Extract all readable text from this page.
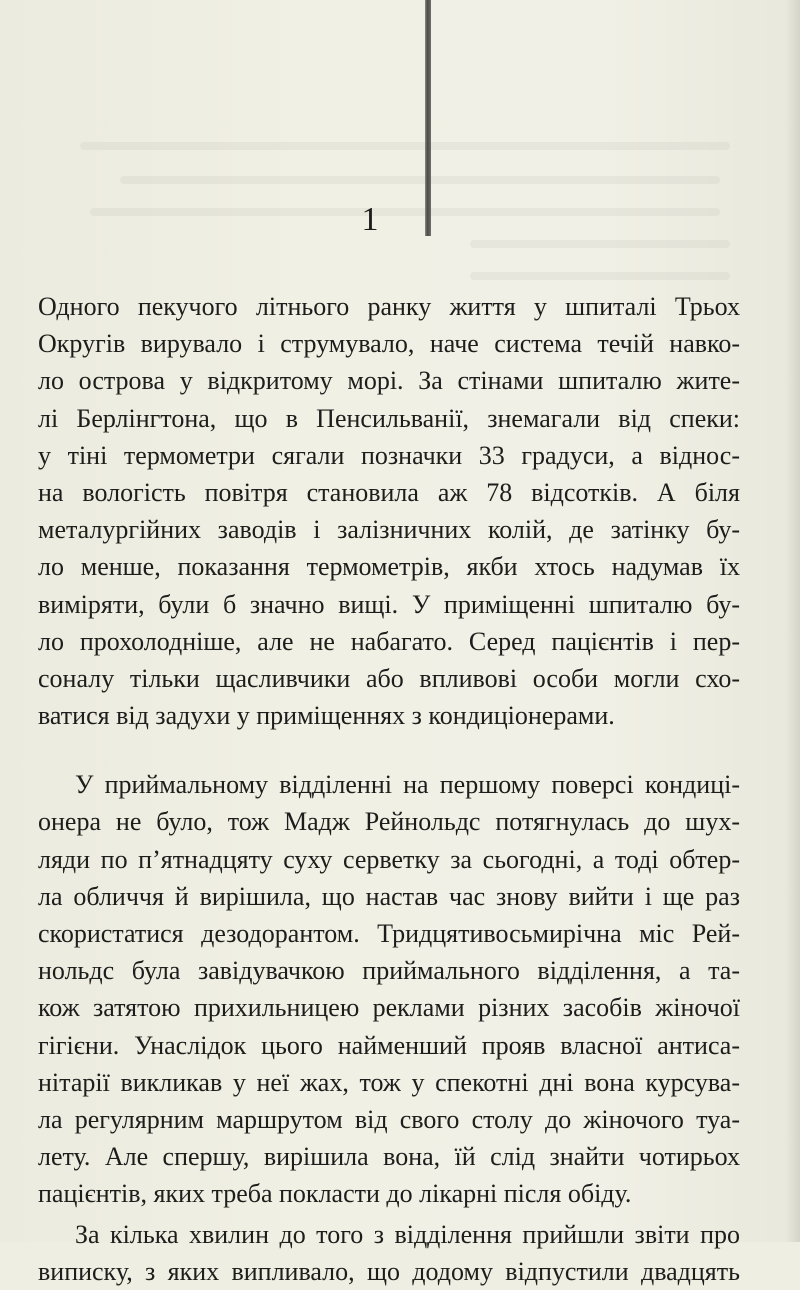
1
Одного пекучого літнього ранку життя у шпиталі Трьох
Округів вирувало і струмувало, наче система течій навко-
ло острова у відкритому морі. За стінами шпиталю жите-
лі Берлінгтона, що в Пенсильванії, знемагали від спеки:
у тіні термометри сягали позначки 33 градуси, а віднос-
на вологість повітря становила аж 78 відсотків. А біля
металургійних заводів і залізничних колій, де затінку бу-
ло менше, показання термометрів, якби хтось надумав їх
виміряти, були б значно вищі. У приміщенні шпиталю бу-
ло прохолодніше, але не набагато. Серед пацієнтів і пер-
соналу тільки щасливчики або впливові особи могли схо-
ватися від задухи у приміщеннях з кондиціонерами.
У приймальному відділенні на першому поверсі кондиці-
онера не було, тож Мадж Рейнольдс потягнулась до шух-
ляди по п’ятнадцяту суху серветку за сьогодні, а тоді обтер-
ла обличчя й вирішила, що настав час знову вийти і ще раз
скористатися дезодорантом. Тридцятивосьмирічна міс Рей-
нольдс була завідувачкою приймального відділення, а та-
кож затятою прихильницею реклами різних засобів жіночої
гігієни. Унаслідок цього найменший прояв власної антиса-
нітарії викликав у неї жах, тож у спекотні дні вона курсува-
ла регулярним маршрутом від свого столу до жіночого туа-
лету. Але спершу, вирішила вона, їй слід знайти чотирьох
пацієнтів, яких треба покласти до лікарні після обіду.
За кілька хвилин до того з відділення прийшли звіти про
виписку, з яких випливало, що додому відпустили двадцять
